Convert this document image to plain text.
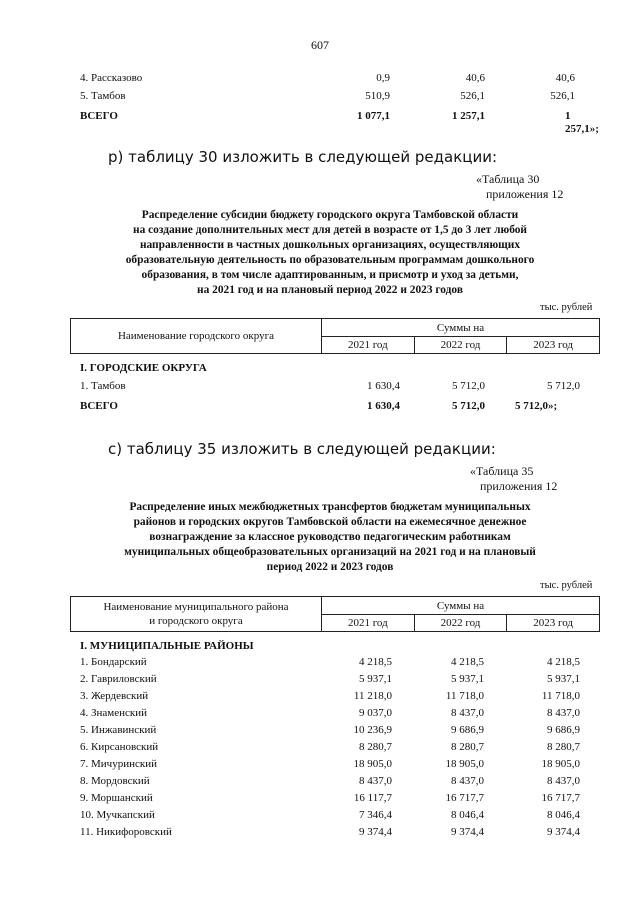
607
4. Рассказово	0,9	40,6	40,6
5. Тамбов	510,9	526,1	526,1
ВСЕГО	1 077,1	1 257,1	1 257,1»;
р) таблицу 30 изложить в следующей редакции:
«Таблица 30
приложения 12
Распределение субсидии бюджету городского округа Тамбовской области
на создание дополнительных мест для детей в возрасте от 1,5 до 3 лет любой
направленности в частных дошкольных организациях, осуществляющих
образовательную деятельность по образовательным программам дошкольного
образования, в том числе адаптированным, и присмотр и уход за детьми,
на 2021 год и на плановый период 2022 и 2023 годов
тыс. рублей
Наименование городского округа	Суммы на		
	2021 год	2022 год	2023 год
I. ГОРОДСКИЕ ОКРУГА
1. Тамбов	1 630,4	5 712,0	5 712,0
ВСЕГО	1 630,4	5 712,0	5 712,0»;
с) таблицу 35 изложить в следующей редакции:
«Таблица 35
приложения 12
Распределение иных межбюджетных трансфертов бюджетам муниципальных
районов и городских округов Тамбовской области на ежемесячное денежное
вознаграждение за классное руководство педагогическим работникам
муниципальных общеобразовательных организаций на 2021 год и на плановый
период 2022 и 2023 годов
тыс. рублей
Наименование муниципального района
и городского округа	Суммы на		
	2021 год	2022 год	2023 год
I. МУНИЦИПАЛЬНЫЕ РАЙОНЫ
1. Бондарский	4 218,5	4 218,5	4 218,5
2. Гавриловский	5 937,1	5 937,1	5 937,1
3. Жердевский	11 218,0	11 718,0	11 718,0
4. Знаменский	9 037,0	8 437,0	8 437,0
5. Инжавинский	10 236,9	9 686,9	9 686,9
6. Кирсановский	8 280,7	8 280,7	8 280,7
7. Мичуринский	18 905,0	18 905,0	18 905,0
8. Мордовский	8 437,0	8 437,0	8 437,0
9. Моршанский	16 117,7	16 717,7	16 717,7
10. Мучкапский	7 346,4	8 046,4	8 046,4
11. Никифоровский	9 374,4	9 374,4	9 374,4
